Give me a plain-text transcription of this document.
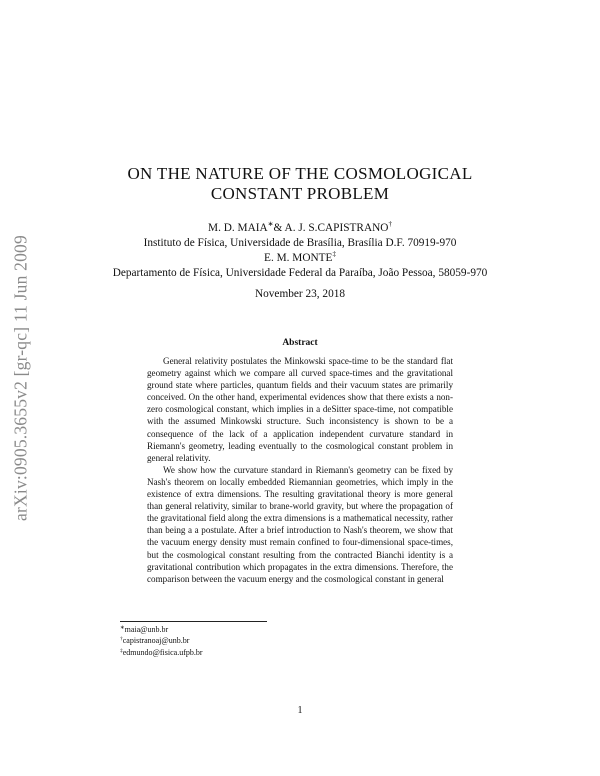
arXiv:0905.3655v2 [gr-qc] 11 Jun 2009
ON THE NATURE OF THE COSMOLOGICAL
CONSTANT PROBLEM
M. D. MAIA∗& A. J. S.CAPISTRANO†
Instituto de Física, Universidade de Brasília, Brasília D.F. 70919-970
E. M. MONTE‡
Departamento de Física, Universidade Federal da Paraíba, João Pessoa, 58059-970
November 23, 2018
Abstract

General relativity postulates the Minkowski space-time to be the standard flat geometry against which we compare all curved space-times and the gravitational ground state where particles, quantum fields and their vacuum states are primarily conceived. On the other hand, experimental evidences show that there exists a non-zero cosmological constant, which implies in a deSitter space-time, not compatible with the assumed Minkowski structure. Such inconsistency is shown to be a consequence of the lack of a application independent curvature standard in Riemann's geometry, leading eventually to the cosmological constant problem in general relativity.

We show how the curvature standard in Riemann's geometry can be fixed by Nash's theorem on locally embedded Riemannian geometries, which imply in the existence of extra dimensions. The resulting gravitational theory is more general than general relativity, similar to brane-world gravity, but where the propagation of the gravitational field along the extra dimensions is a mathematical necessity, rather than being a a postulate. After a brief introduction to Nash's theorem, we show that the vacuum energy density must remain confined to four-dimensional space-times, but the cosmological constant resulting from the contracted Bianchi identity is a gravitational contribution which propagates in the extra dimensions. Therefore, the comparison between the vacuum energy and the cosmological constant in general

∗maia@unb.br
†capistranoaj@unb.br
‡edmundo@fisica.ufpb.br
1
